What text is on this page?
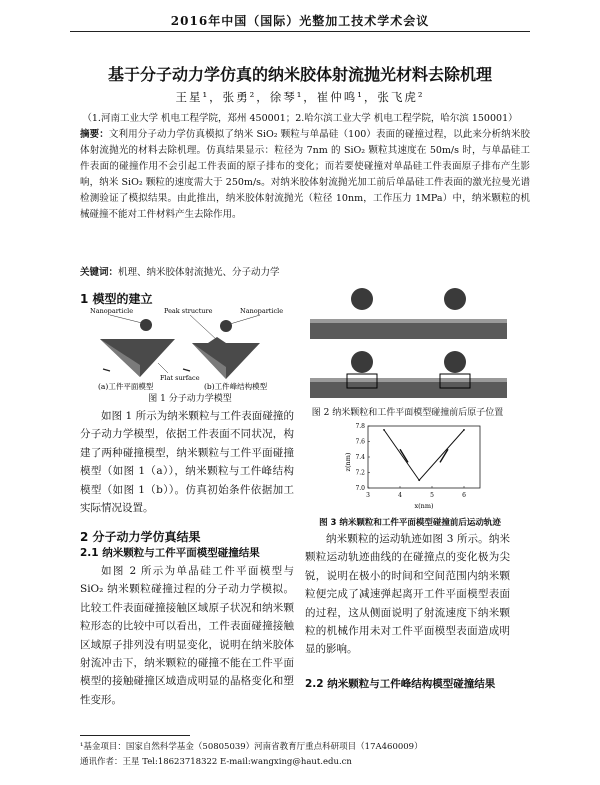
2016年中国（国际）光整加工技术学术会议
基于分子动力学仿真的纳米胶体射流抛光材料去除机理
王星¹，张勇²，徐琴¹，崔仲鸣¹，张飞虎²
（1.河南工业大学 机电工程学院，郑州 450001；2.哈尔滨工业大学 机电工程学院，哈尔滨 150001）
摘要：文利用分子动力学仿真模拟了纳米 SiO₂ 颗粒与单晶硅（100）表面的碰撞过程，以此来分析纳米胶体射流抛光的材料去除机理。仿真结果显示：粒径为 7nm 的 SiO₂ 颗粒其速度在 50m/s 时，与单晶硅工件表面的碰撞作用不会引起工件表面的原子排布的变化；而若要使碰撞对单晶硅工件表面原子排布产生影响，纳米 SiO₂ 颗粒的速度需大于 250m/s。对纳米胶体射流抛光加工前后单晶硅工件表面的激光拉曼光谱检测验证了模拟结果。由此推出，纳米胶体射流抛光（粒径 10nm，工作压力 1MPa）中，纳米颗粒的机械碰撞不能对工件材料产生去除作用。
关键词：机理、纳米胶体射流抛光、分子动力学
1 模型的建立
Nanoparticle	Peak structure	Nanoparticle
Flat surface
(a)工件平面模型	(b)工件峰结构模型
图 1 分子动力学模型
如图 1 所示为纳米颗粒与工件表面碰撞的分子动力学模型，依据工件表面不同状况，构建了两种碰撞模型，纳米颗粒与工件平面碰撞模型（如图 1（a）），纳米颗粒与工件峰结构模型（如图 1（b））。仿真初始条件依据加工实际情况设置。
2 分子动力学仿真结果
2.1 纳米颗粒与工件平面模型碰撞结果
如图 2 所示为单晶硅工件平面模型与 SiO₂ 纳米颗粒碰撞过程的分子动力学模拟。比较工件表面碰撞接触区域原子状况和纳米颗粒形态的比较中可以看出，工件表面碰撞接触区域原子排列没有明显变化，说明在纳米胶体射流冲击下，纳米颗粒的碰撞不能在工件平面模型的接触碰撞区域造成明显的晶格变化和塑性变形。
图 2 纳米颗粒和工件平面模型碰撞前后原子位置
z(nm)
x(nm)
3	4	5	6
7.0
7.2
7.4
7.6
7.8
图 3 纳米颗粒和工件平面模型碰撞前后运动轨迹
纳米颗粒的运动轨迹如图 3 所示。纳米颗粒运动轨迹曲线的在碰撞点的变化极为尖锐，说明在极小的时间和空间范围内纳米颗粒便完成了减速弹起离开工件平面模型表面的过程，这从侧面说明了射流速度下纳米颗粒的机械作用未对工件平面模型表面造成明显的影响。
2.2 纳米颗粒与工件峰结构模型碰撞结果
¹基金项目：国家自然科学基金（50805039）河南省教育厅重点科研项目（17A460009）
通讯作者：王星 Tel:18623718322 E-mail:wangxing@haut.edu.cn
